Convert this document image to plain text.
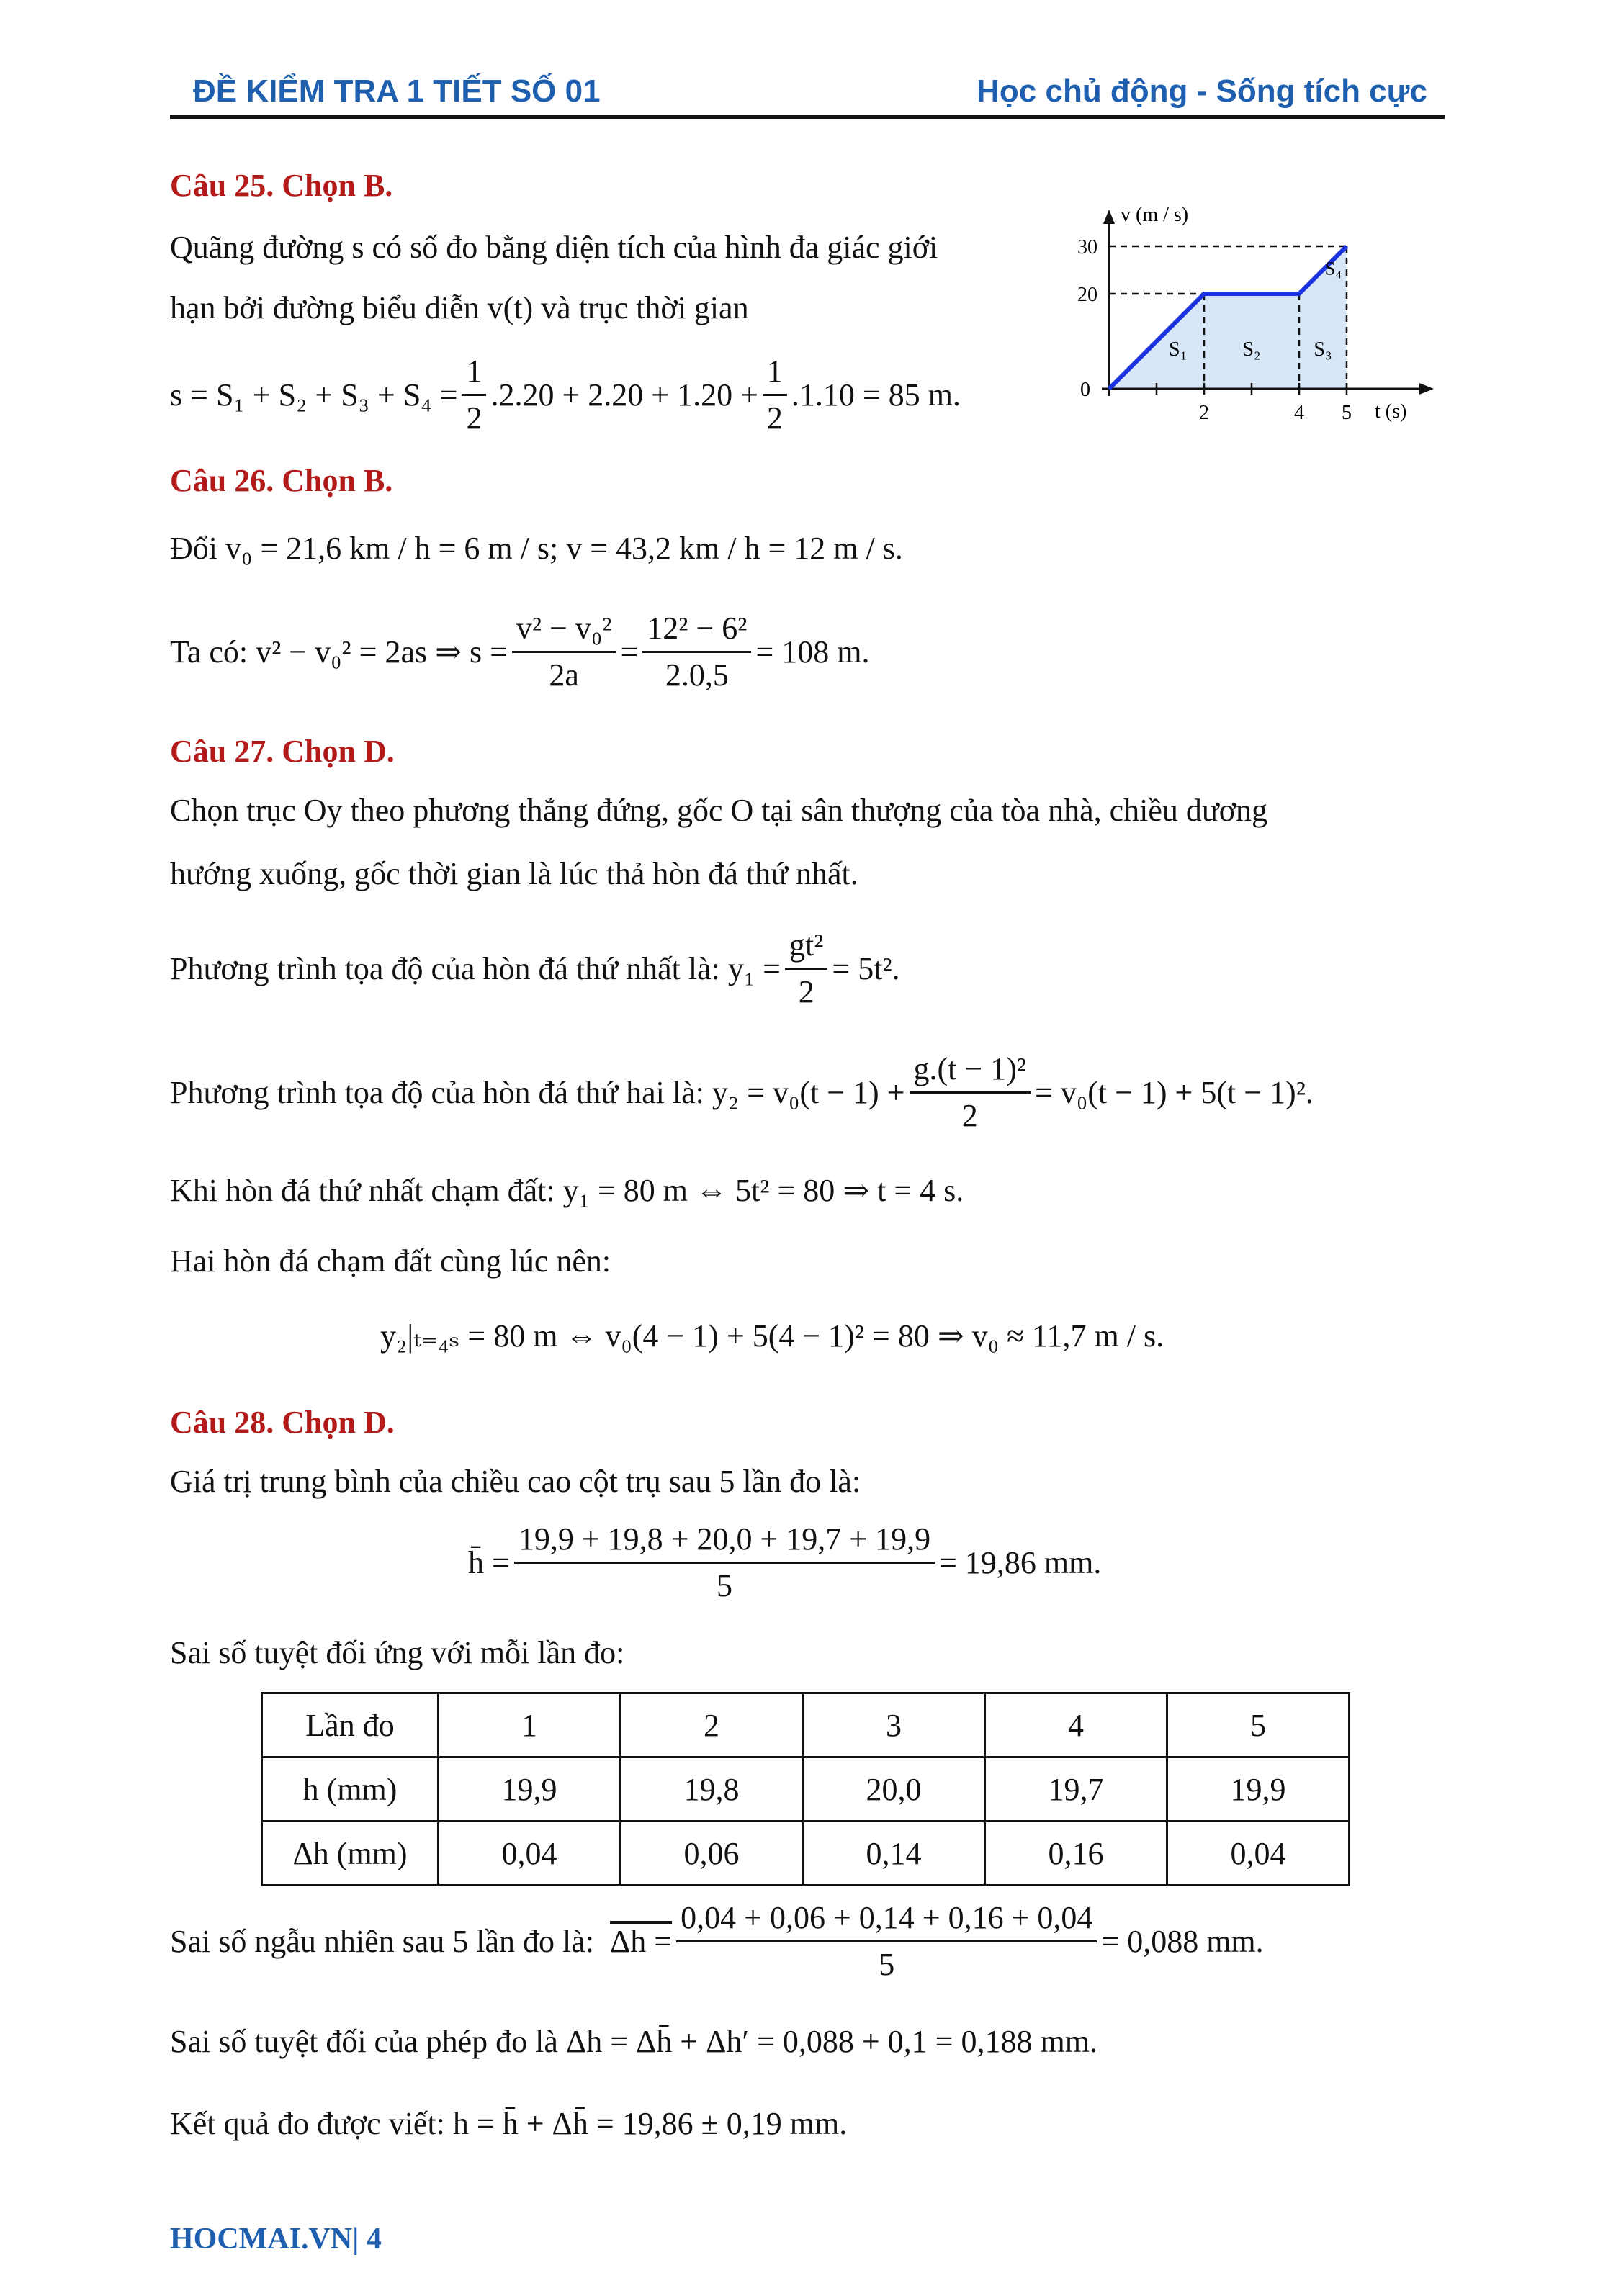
ĐỀ KIỂM TRA 1 TIẾT SỐ 01	Học chủ động - Sống tích cực
Câu 25. Chọn B.
Quãng đường s có số đo bằng diện tích của hình đa giác giới
hạn bởi đường biểu diễn v(t) và trục thời gian
$s = S_1 + S_2 + S_3 + S_4 = \frac{1}{2} .2.20 + 2.20 + 1.20 + \frac{1}{2} .1.10 = 85$ m.
v (m / s)
t (s)
0
2	4 5
20
30
S₁	S₂	S₃
S₄
Câu 26. Chọn B.
Đổi v₀ = 21,6 km / h = 6 m / s; v = 43,2 km / h = 12 m / s.
Ta có: v² − v₀² = 2as ⇒ $s = \frac{\text{v² − v₀²}}{2a} = \frac{\text{12² − 6²}}{2.0,5} = 108$ m.
Câu 27. Chọn D.
Chọn trục Oy theo phương thẳng đứng, gốc O tại sân thượng của tòa nhà, chiều dương
hướng xuống, gốc thời gian là lúc thả hòn đá thứ nhất.
Phương trình tọa độ của hòn đá thứ nhất là: $y_1 = \frac{\text{gt²}}{2} = 5t^2$.
Phương trình tọa độ của hòn đá thứ hai là: $y_2 = v_0(t - 1) + \frac{\text{g.(t − 1)²}}{2} = v_0(t - 1) + 5(t - 1)^2$.
Khi hòn đá thứ nhất chạm đất: y₁ = 80 m ⇔ 5t² = 80 ⇒ t = 4 s.
Hai hòn đá chạm đất cùng lúc nên:
y₂|ₜ₌₄ₛ = 80 m ⇔ v₀(4 − 1) + 5(4 − 1)² = 80 ⇒ v₀ ≈ 11,7 m / s.
Câu 28. Chọn D.
Giá trị trung bình của chiều cao cột trụ sau 5 lần đo là:
h̄ = $\frac{19,9 + 19,8 + 20,0 + 19,7 + 19,9}{5} = 19,86$ mm.
Sai số tuyệt đối ứng với mỗi lần đo:
Lần đo	1	2	3	4	5
h (mm)	19,9	19,8	20,0	19,7	19,9
Δh (mm)	0,04	0,06	0,14	0,16	0,04
Sai số ngẫu nhiên sau 5 lần đo là: $\Delta h = \frac{0,04 + 0,06 + 0,14 + 0,16 + 0,04}{5} = 0,088$ mm.
Sai số tuyệt đối của phép đo là Δh = Δh̄ + Δh′ = 0,088 + 0,1 = 0,188 mm.
Kết quả đo được viết: h = h̄ + Δh̄ = 19,86 ± 0,19 mm.
HOCMAI.VN| 4
